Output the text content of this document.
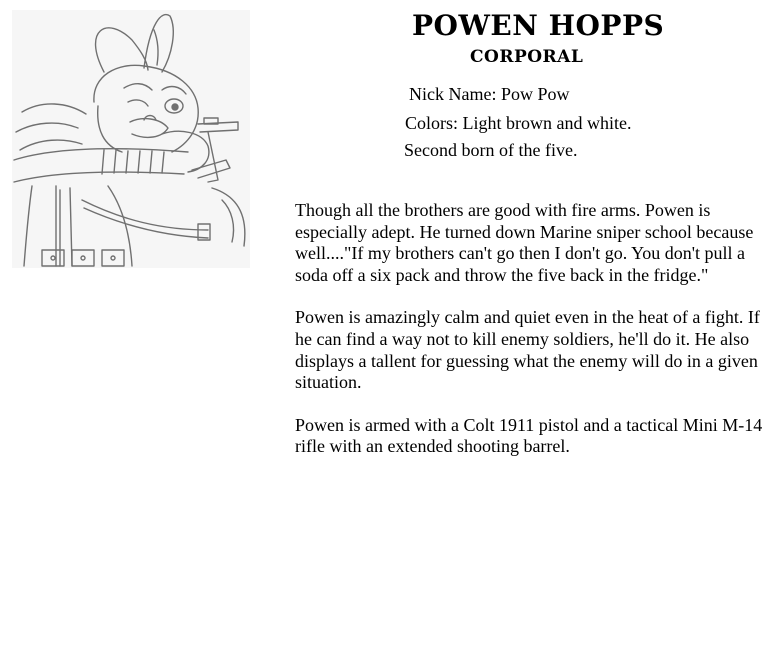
POWEN HOPPS
CORPORAL
Nick Name: Pow Pow
Colors: Light brown and white.
Second born of the five.

Though all the brothers are good with fire arms. Powen is especially adept. He turned down Marine sniper school because well...."If my brothers can't go then I don't go. You don't pull a soda off a six pack and throw the five back in the fridge."

Powen is amazingly calm and quiet even in the heat of a fight. If he can find a way not to kill enemy soldiers, he'll do it. He also displays a tallent for guessing what the enemy will do in a given situation.

Powen is armed with a Colt 1911 pistol and a tactical Mini M-14 rifle with an extended shooting barrel.
